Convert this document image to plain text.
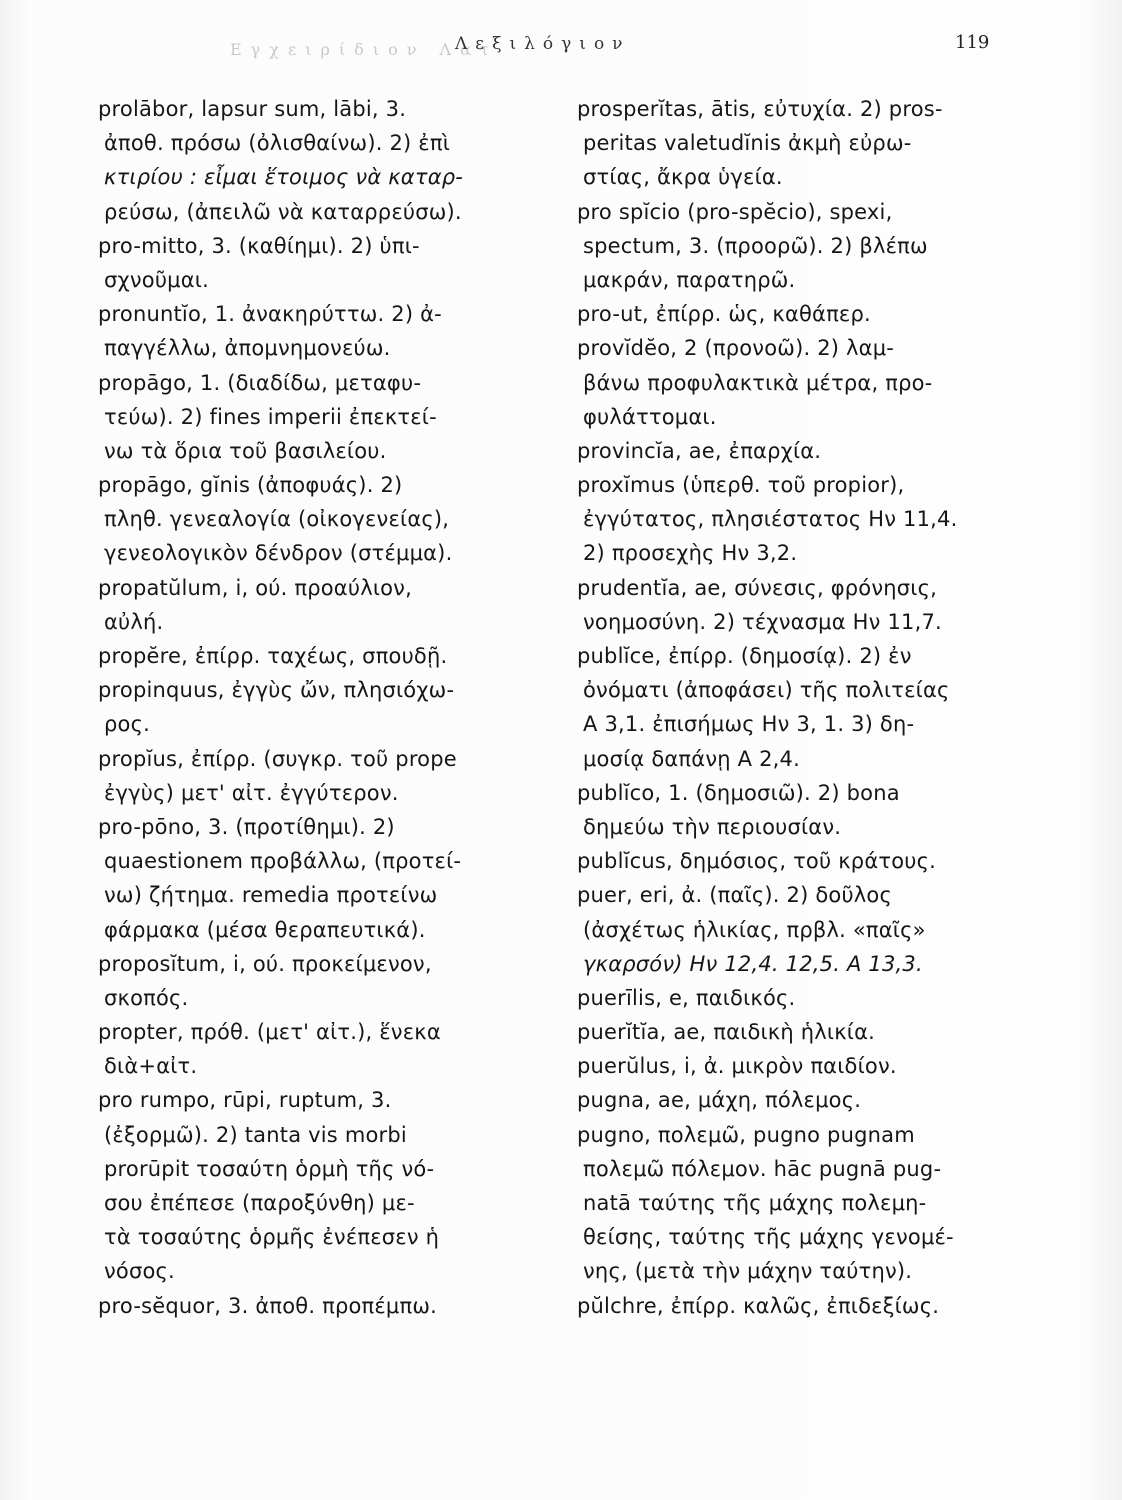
Εγχειρίδιον Λατ
Λεξιλόγιον	119
prolābor, lapsur sum, lābi, 3.
ἀποθ. πρόσω (ὀλισθαίνω). 2) ἐπὶ
κτιρίου : εἶμαι ἕτοιμος νὰ καταρ-
ρεύσω, (ἀπειλῶ νὰ καταρρεύσω).
pro-mitto, 3. (καθίημι). 2) ὑπι-
σχνοῦμαι.
pronuntĭo, 1. ἀνακηρύττω. 2) ἀ-
παγγέλλω, ἀπομνημονεύω.
propāgo, 1. (διαδίδω, μεταφυ-
τεύω). 2) fines imperii ἐπεκτεί-
νω τὰ ὅρια τοῦ βασιλείου.
propāgo, gĭnis (ἀποφυάς). 2)
πληθ. γενεαλογία (οἰκογενείας),
γενεολογικὸν δένδρον (στέμμα).
propatŭlum, i, ού. προαύλιον,
αὐλή.
propĕre, ἐπίρρ. ταχέως, σπουδῇ.
propinquus, ἐγγὺς ὤν, πλησιόχω-
ρος.
propĭus, ἐπίρρ. (συγκρ. τοῦ prope
ἐγγὺς) μετ' αἰτ. ἐγγύτερον.
pro-pōno, 3. (προτίθημι). 2)
quaestionem προβάλλω, (προτεί-
νω) ζήτημα. remedia προτείνω
φάρμακα (μέσα θεραπευτικά).
proposĭtum, i, ού. προκείμενον,
σκοπός.
propter, πρόθ. (μετ' αἰτ.), ἕνεκα
διὰ+αἰτ.
pro rumpo, rūpi, ruptum, 3.
(ἐξορμῶ). 2) tanta vis morbi
prorūpit τοσαύτη ὁρμὴ τῆς νό-
σου ἐπέπεσε (παροξύνθη) με-
τὰ τοσαύτης ὁρμῆς ἐνέπεσεν ἡ
νόσος.
pro-sĕquor, 3. ἀποθ. προπέμπω.
prosperĭtas, ātis, εὐτυχία. 2) pros-
peritas valetudĭnis ἀκμὴ εὐρω-
στίας, ἄκρα ὑγεία.
pro spĭcio (pro-spĕcio), spexi,
spectum, 3. (προορῶ). 2) βλέπω
μακράν, παρατηρῶ.
pro-ut, ἐπίρρ. ὡς, καθάπερ.
provĭdĕo, 2 (προνοῶ). 2) λαμ-
βάνω προφυλακτικὰ μέτρα, προ-
φυλάττομαι.
provincĭa, ae, ἐπαρχία.
proxĭmus (ὑπερθ. τοῦ propior),
ἐγγύτατος, πλησιέστατος Ην 11,4.
2) προσεχὴς Ην 3,2.
prudentĭa, ae, σύνεσις, φρόνησις,
νοημοσύνη. 2) τέχνασμα Ην 11,7.
publĭce, ἐπίρρ. (δημοσίᾳ). 2) ἐν
ὀνόματι (ἀποφάσει) τῆς πολιτείας
Α 3,1. ἐπισήμως Ην 3, 1. 3) δη-
μοσίᾳ δαπάνῃ Α 2,4.
publĭco, 1. (δημοσιῶ). 2) bona
δημεύω τὴν περιουσίαν.
publĭcus, δημόσιος, τοῦ κράτους.
puer, eri, ἀ. (παῖς). 2) δοῦλος
(ἀσχέτως ἡλικίας, πρβλ. «παῖς»
γκαρσόν) Ην 12,4. 12,5. Α 13,3.
puerīlis, e, παιδικός.
puerĭtĭa, ae, παιδικὴ ἡλικία.
puerŭlus, i, ἀ. μικρὸν παιδίον.
pugna, ae, μάχη, πόλεμος.
pugno, πολεμῶ, pugno pugnam
πολεμῶ πόλεμον. hāc pugnā pug-
natā ταύτης τῆς μάχης πολεμη-
θείσης, ταύτης τῆς μάχης γενομέ-
νης, (μετὰ τὴν μάχην ταύτην).
pŭlchre, ἐπίρρ. καλῶς, ἐπιδεξίως.
